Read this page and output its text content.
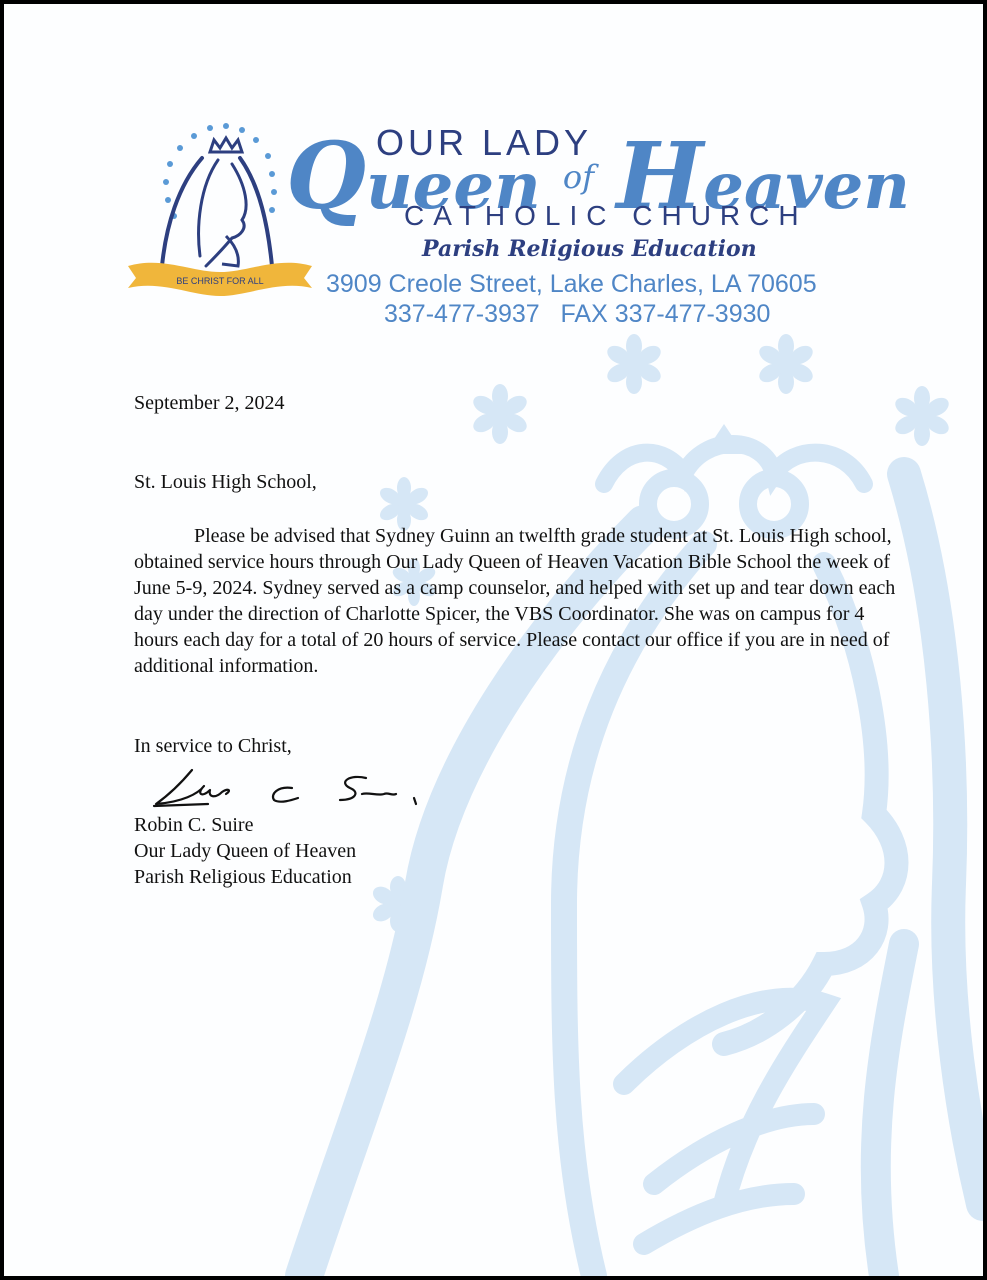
BE CHRIST FOR ALL
OUR LADY
Queen $^{of}$ Heaven
CATHOLIC CHURCH
Parish Religious Education
3909 Creole Street, Lake Charles, LA 70605
337-477-3937   FAX 337-477-3930
September 2, 2024
St. Louis High School,
Please be advised that Sydney Guinn an twelfth grade student at St. Louis High school, obtained service hours through Our Lady Queen of Heaven Vacation Bible School the week of June 5-9, 2024. Sydney served as a camp counselor, and helped with set up and tear down each day under the direction of Charlotte Spicer, the VBS Coordinator. She was on campus for 4 hours each day for a total of 20 hours of service. Please contact our office if you are in need of additional information.
In service to Christ,
Robin C. Suire
Our Lady Queen of Heaven
Parish Religious Education
